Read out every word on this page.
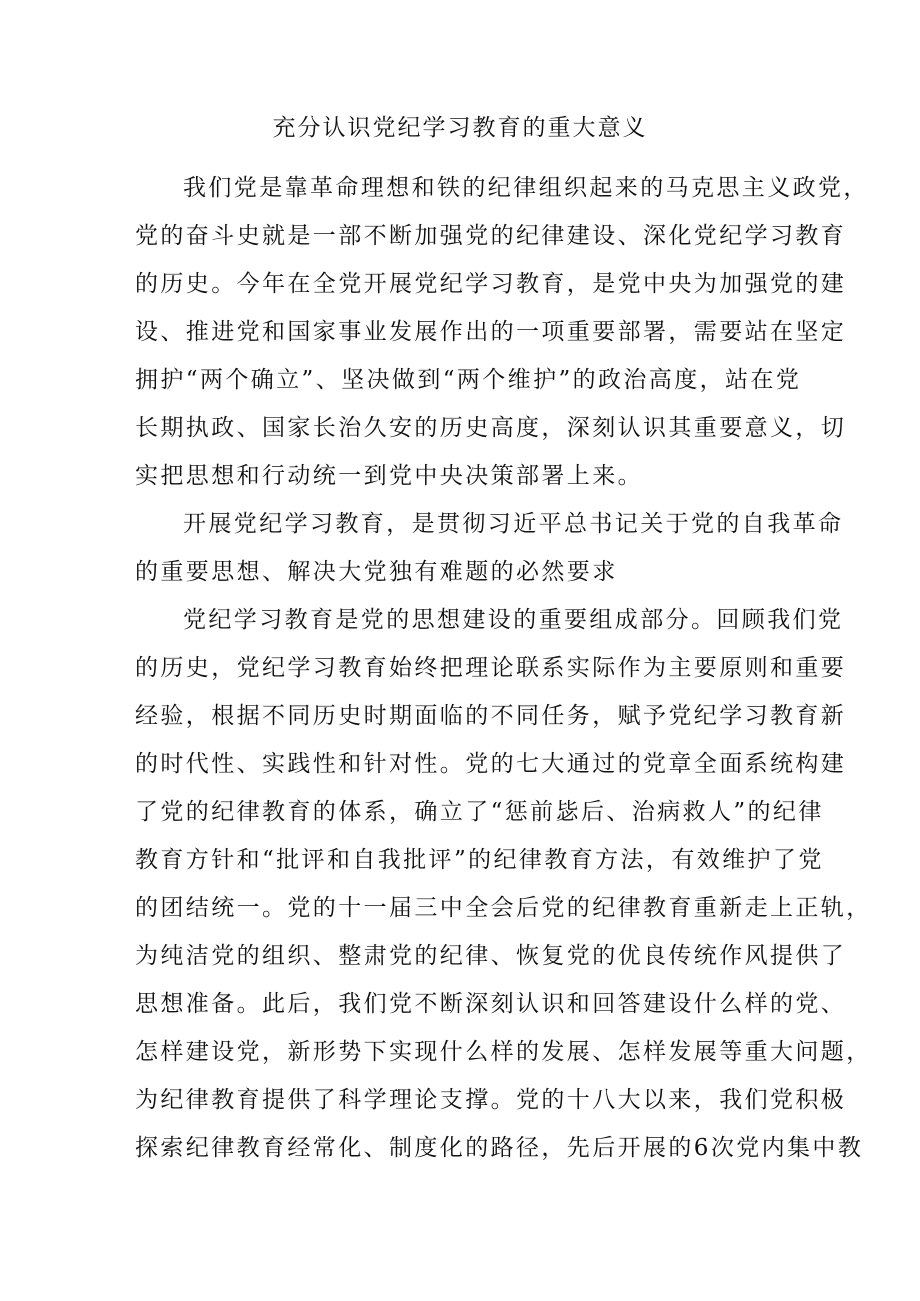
充分认识党纪学习教育的重大意义
我们党是靠革命理想和铁的纪律组织起来的马克思主义政党，
党的奋斗史就是一部不断加强党的纪律建设、深化党纪学习教育
的历史。今年在全党开展党纪学习教育，是党中央为加强党的建
设、推进党和国家事业发展作出的一项重要部署，需要站在坚定
拥护“两个确立”、坚决做到“两个维护”的政治高度，站在党
长期执政、国家长治久安的历史高度，深刻认识其重要意义，切
实把思想和行动统一到党中央决策部署上来。
开展党纪学习教育，是贯彻习近平总书记关于党的自我革命
的重要思想、解决大党独有难题的必然要求
党纪学习教育是党的思想建设的重要组成部分。回顾我们党
的历史，党纪学习教育始终把理论联系实际作为主要原则和重要
经验，根据不同历史时期面临的不同任务，赋予党纪学习教育新
的时代性、实践性和针对性。党的七大通过的党章全面系统构建
了党的纪律教育的体系，确立了“惩前毖后、治病救人”的纪律
教育方针和“批评和自我批评”的纪律教育方法，有效维护了党
的团结统一。党的十一届三中全会后党的纪律教育重新走上正轨，
为纯洁党的组织、整肃党的纪律、恢复党的优良传统作风提供了
思想准备。此后，我们党不断深刻认识和回答建设什么样的党、
怎样建设党，新形势下实现什么样的发展、怎样发展等重大问题，
为纪律教育提供了科学理论支撑。党的十八大以来，我们党积极
探索纪律教育经常化、制度化的路径，先后开展的6次党内集中教
